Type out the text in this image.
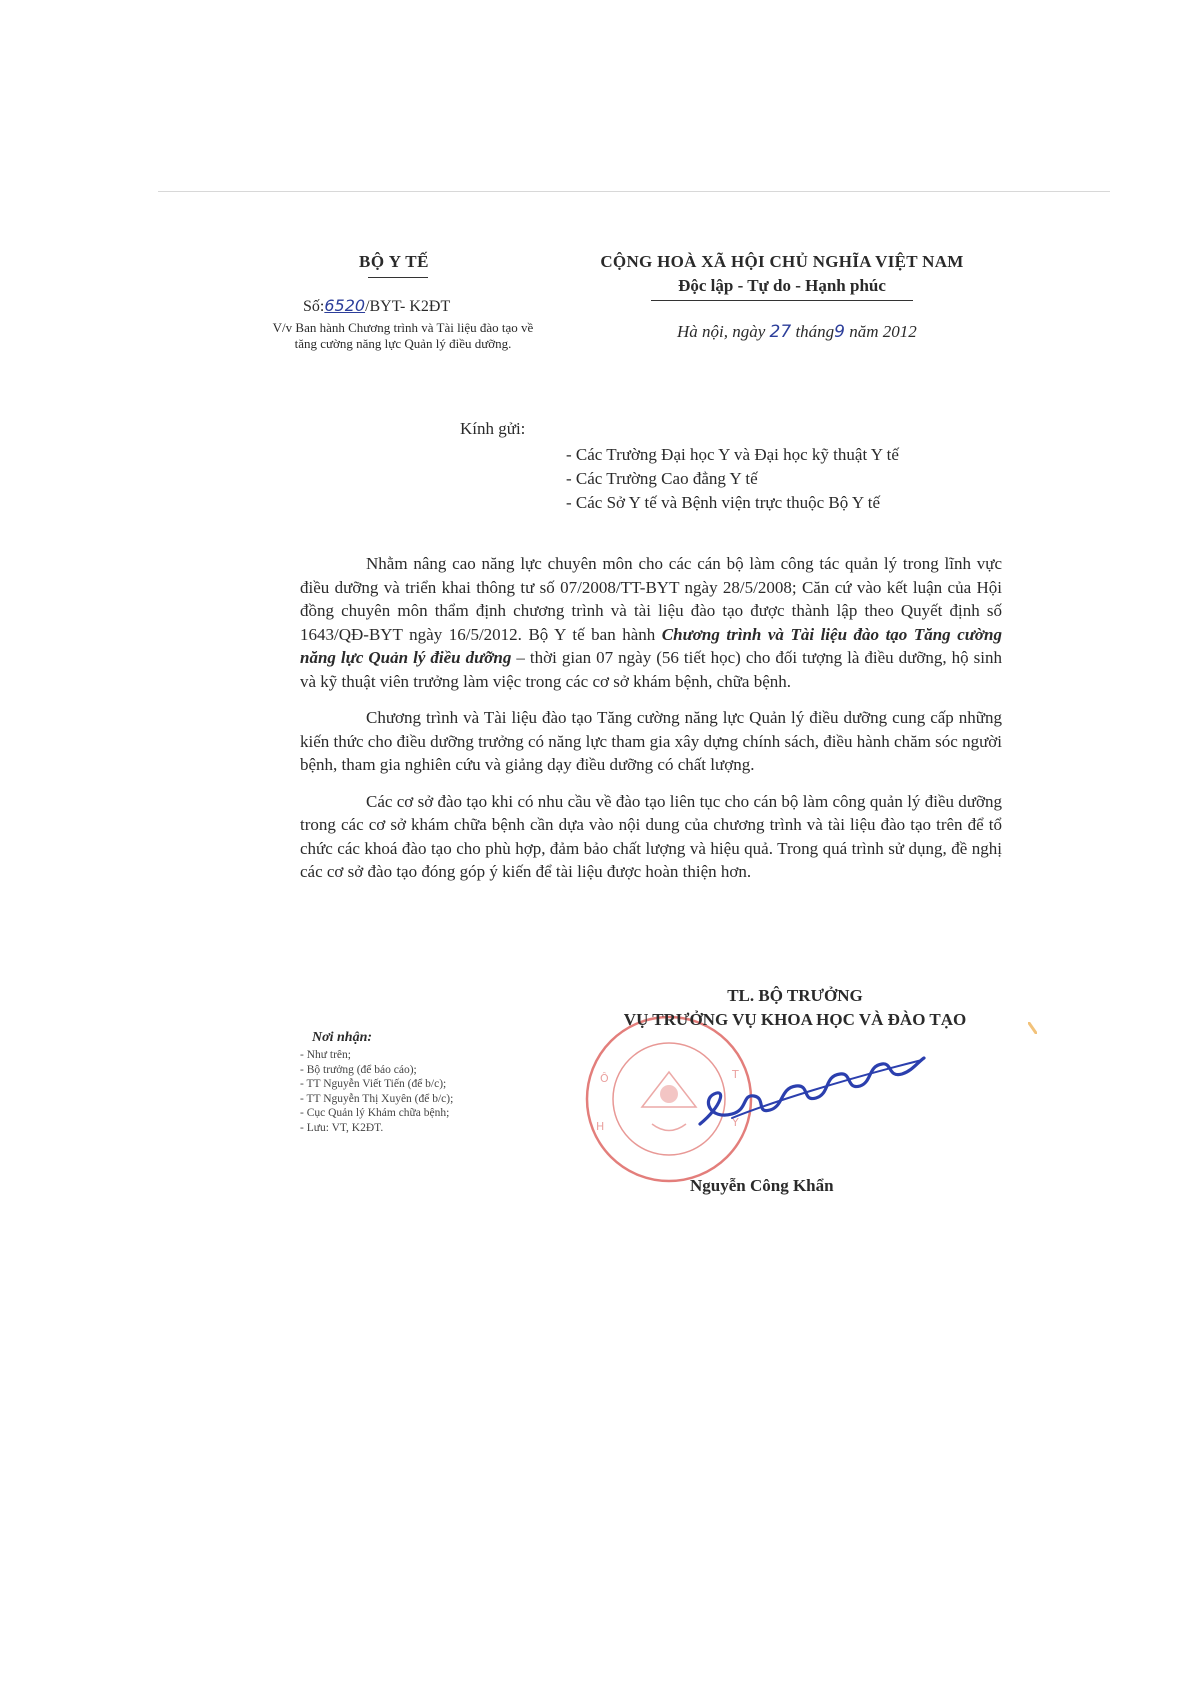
BỘ Y TẾ
Số:6520/BYT- K2ĐT
V/v Ban hành Chương trình và Tài liệu đào tạo về tăng cường năng lực Quản lý điều dưỡng.
CỘNG HOÀ XÃ HỘI CHỦ NGHĨA VIỆT NAM
Độc lập - Tự do - Hạnh phúc
Hà nội, ngày 27 tháng9 năm 2012
Kính gửi:
- Các Trường Đại học Y và Đại học kỹ thuật Y tế
- Các Trường Cao đẳng Y tế
- Các Sở Y tế và Bệnh viện trực thuộc Bộ Y tế

Nhằm nâng cao năng lực chuyên môn cho các cán bộ làm công tác quản lý trong lĩnh vực điều dưỡng và triển khai thông tư số 07/2008/TT-BYT ngày 28/5/2008; Căn cứ vào kết luận của Hội đồng chuyên môn thẩm định chương trình và tài liệu đào tạo được thành lập theo Quyết định số 1643/QĐ-BYT ngày 16/5/2012. Bộ Y tế ban hành Chương trình và Tài liệu đào tạo Tăng cường năng lực Quản lý điều dưỡng – thời gian 07 ngày (56 tiết học) cho đối tượng là điều dưỡng, hộ sinh và kỹ thuật viên trưởng làm việc trong các cơ sở khám bệnh, chữa bệnh.

Chương trình và Tài liệu đào tạo Tăng cường năng lực Quản lý điều dưỡng cung cấp những kiến thức cho điều dưỡng trưởng có năng lực tham gia xây dựng chính sách, điều hành chăm sóc người bệnh, tham gia nghiên cứu và giảng dạy điều dưỡng có chất lượng.

Các cơ sở đào tạo khi có nhu cầu về đào tạo liên tục cho cán bộ làm công quản lý điều dưỡng trong các cơ sở khám chữa bệnh cần dựa vào nội dung của chương trình và tài liệu đào tạo trên để tổ chức các khoá đào tạo cho phù hợp, đảm bảo chất lượng và hiệu quả. Trong quá trình sử dụng, đề nghị các cơ sở đào tạo đóng góp ý kiến để tài liệu được hoàn thiện hơn.

Ô
H
T
Y
TL. BỘ TRƯỞNG
VỤ TRƯỞNG VỤ KHOA HỌC VÀ ĐÀO TẠO
Nguyễn Công Khẩn
Nơi nhận:
- Như trên;
- Bộ trưởng (để báo cáo);
- TT Nguyễn Viết Tiến (để b/c);
- TT Nguyễn Thị Xuyên (để b/c);
- Cục Quản lý Khám chữa bệnh;
- Lưu: VT, K2ĐT.
